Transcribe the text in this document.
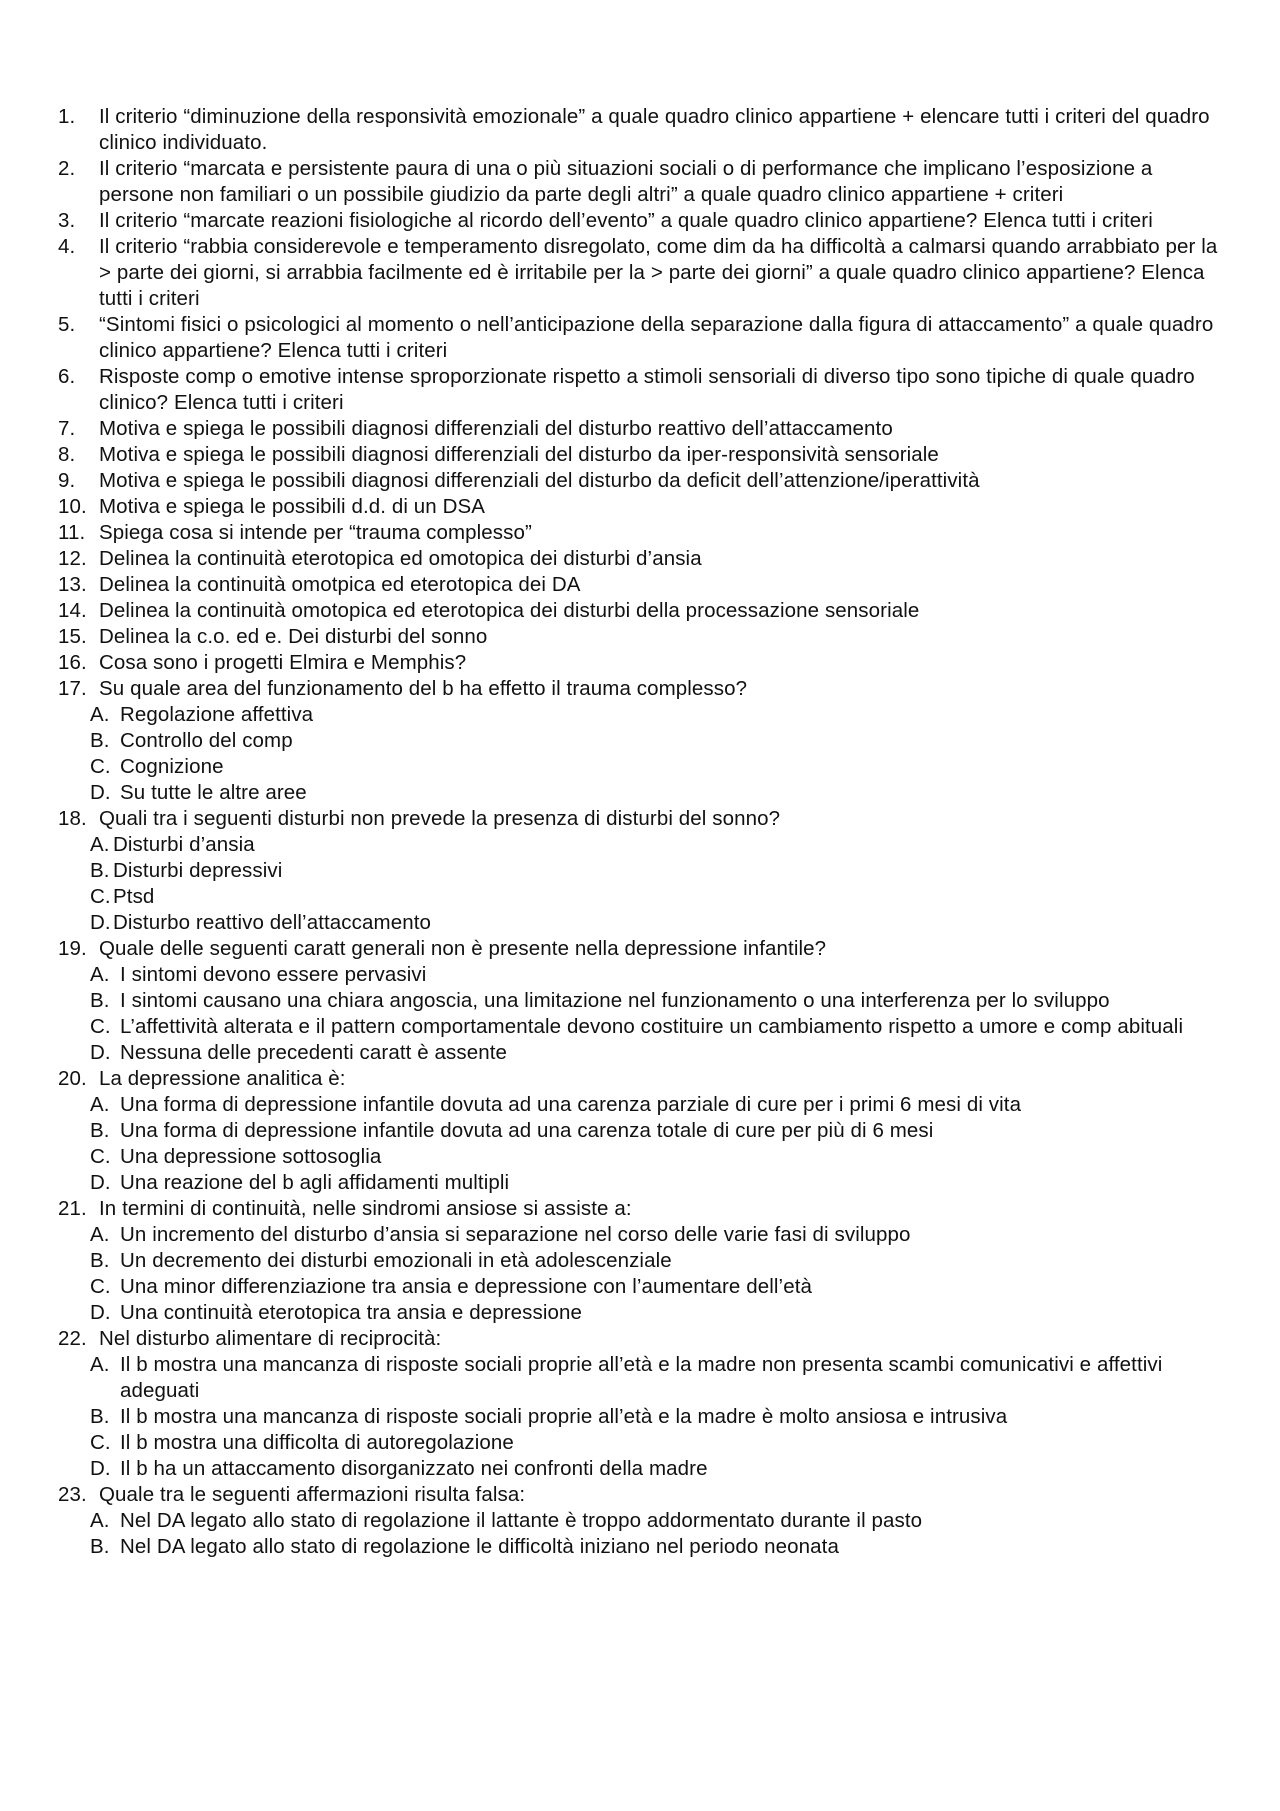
1.	Il criterio “diminuzione della responsività emozionale” a quale quadro clinico appartiene + elencare tutti i criteri del quadro clinico individuato.
2.	Il criterio “marcata e persistente paura di una o più situazioni sociali o di performance che implicano l’esposizione a persone non familiari o un possibile giudizio da parte degli altri” a quale quadro clinico appartiene + criteri
3.	Il criterio “marcate reazioni fisiologiche al ricordo dell’evento” a quale quadro clinico appartiene? Elenca tutti i criteri
4.	Il criterio “rabbia considerevole e temperamento disregolato, come dim da ha difficoltà a calmarsi quando arrabbiato per la > parte dei giorni, si arrabbia facilmente ed è irritabile per la > parte dei giorni” a quale quadro clinico appartiene? Elenca tutti i criteri
5.	“Sintomi fisici o psicologici al momento o nell’anticipazione della separazione dalla figura di attaccamento” a quale quadro clinico appartiene? Elenca tutti i criteri
6.	Risposte comp o emotive intense sproporzionate rispetto a stimoli sensoriali di diverso tipo sono tipiche di quale quadro clinico? Elenca tutti i criteri
7.	Motiva e spiega le possibili diagnosi differenziali del disturbo reattivo dell’attaccamento
8.	Motiva e spiega le possibili diagnosi differenziali del disturbo da iper-responsività sensoriale
9.	Motiva e spiega le possibili diagnosi differenziali del disturbo da deficit dell’attenzione/iperattività
10. Motiva e spiega le possibili d.d. di un DSA
11. Spiega cosa si intende per “trauma complesso”
12. Delinea la continuità eterotopica ed omotopica dei disturbi d’ansia
13. Delinea la continuità omotpica ed eterotopica dei DA
14. Delinea la continuità omotopica ed eterotopica dei disturbi della processazione sensoriale
15. Delinea la c.o. ed e. Dei disturbi del sonno
16. Cosa sono i progetti Elmira e Memphis?
17. Su quale area del funzionamento del b ha effetto il trauma complesso?
A. Regolazione affettiva
B. Controllo del comp
C. Cognizione
D. Su tutte le altre aree
18. Quali tra i seguenti disturbi non prevede la presenza di disturbi del sonno?
A. Disturbi d’ansia
B. Disturbi depressivi
C. Ptsd
D. Disturbo reattivo dell’attaccamento
19. Quale delle seguenti caratt generali non è presente nella depressione infantile?
A. I sintomi devono essere pervasivi
B. I sintomi causano una chiara angoscia, una limitazione nel funzionamento o una interferenza per lo sviluppo
C. L’affettività alterata e il pattern comportamentale devono costituire un cambiamento rispetto a umore e comp abituali
D. Nessuna delle precedenti caratt è assente
20. La depressione analitica è:
A. Una forma di depressione infantile dovuta ad una carenza parziale di cure per i primi 6 mesi di vita
B. Una forma di depressione infantile dovuta ad una carenza totale di cure per più di 6 mesi
C. Una depressione sottosoglia
D. Una reazione del b agli affidamenti multipli
21. In termini di continuità, nelle sindromi ansiose si assiste a:
A. Un incremento del disturbo d’ansia si separazione nel corso delle varie fasi di sviluppo
B. Un decremento dei disturbi emozionali in età adolescenziale
C. Una minor differenziazione tra ansia e depressione con l’aumentare dell’età
D. Una continuità eterotopica tra ansia e depressione
22. Nel disturbo alimentare di reciprocità:
A. Il b mostra una mancanza di risposte sociali proprie all’età e la madre non presenta scambi comunicativi e affettivi adeguati
B. Il b mostra una mancanza di risposte sociali proprie all’età e la madre è molto ansiosa e intrusiva
C. Il b mostra una difficolta di autoregolazione
D. Il b ha un attaccamento disorganizzato nei confronti della madre
23. Quale tra le seguenti affermazioni risulta falsa:
A. Nel DA legato allo stato di regolazione il lattante è troppo addormentato durante il pasto
B. Nel DA legato allo stato di regolazione le difficoltà iniziano nel periodo neonata
